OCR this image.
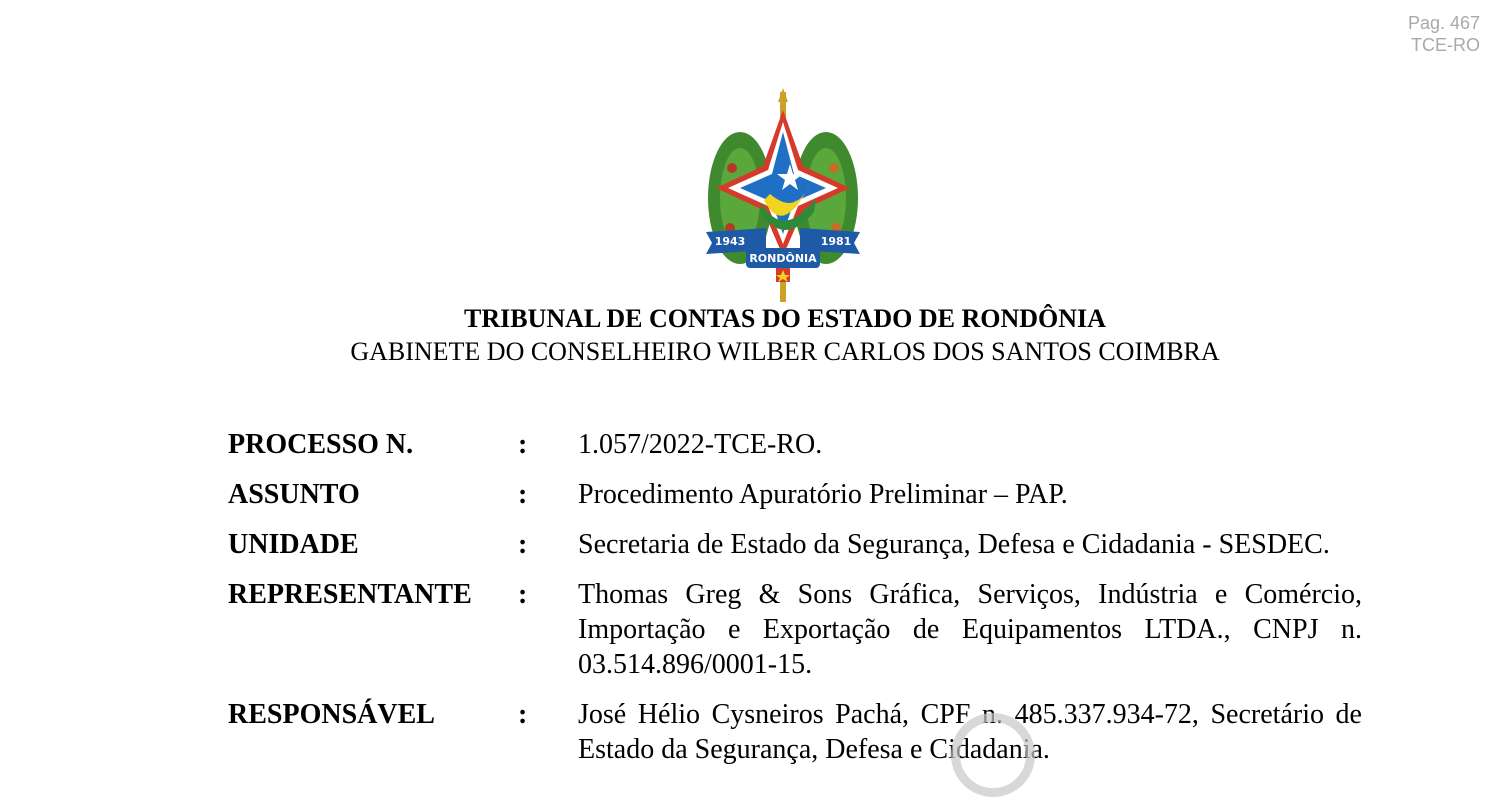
Pag. 467
TCE-RO
1943	1981
RONDÔNIA
TRIBUNAL DE CONTAS DO ESTADO DE RONDÔNIA
GABINETE DO CONSELHEIRO WILBER CARLOS DOS SANTOS COIMBRA
PROCESSO N.	:	1.057/2022-TCE-RO.
ASSUNTO	:	Procedimento Apuratório Preliminar – PAP.
UNIDADE	:	Secretaria de Estado da Segurança, Defesa e Cidadania - SESDEC.
REPRESENTANTE	:	Thomas Greg & Sons Gráfica, Serviços, Indústria e Comércio, Importação e Exportação de Equipamentos LTDA., CNPJ n. 03.514.896/0001-15.
RESPONSÁVEL	:	José Hélio Cysneiros Pachá, CPF n. 485.337.934-72, Secretário de Estado da Segurança, Defesa e Cidadania.
